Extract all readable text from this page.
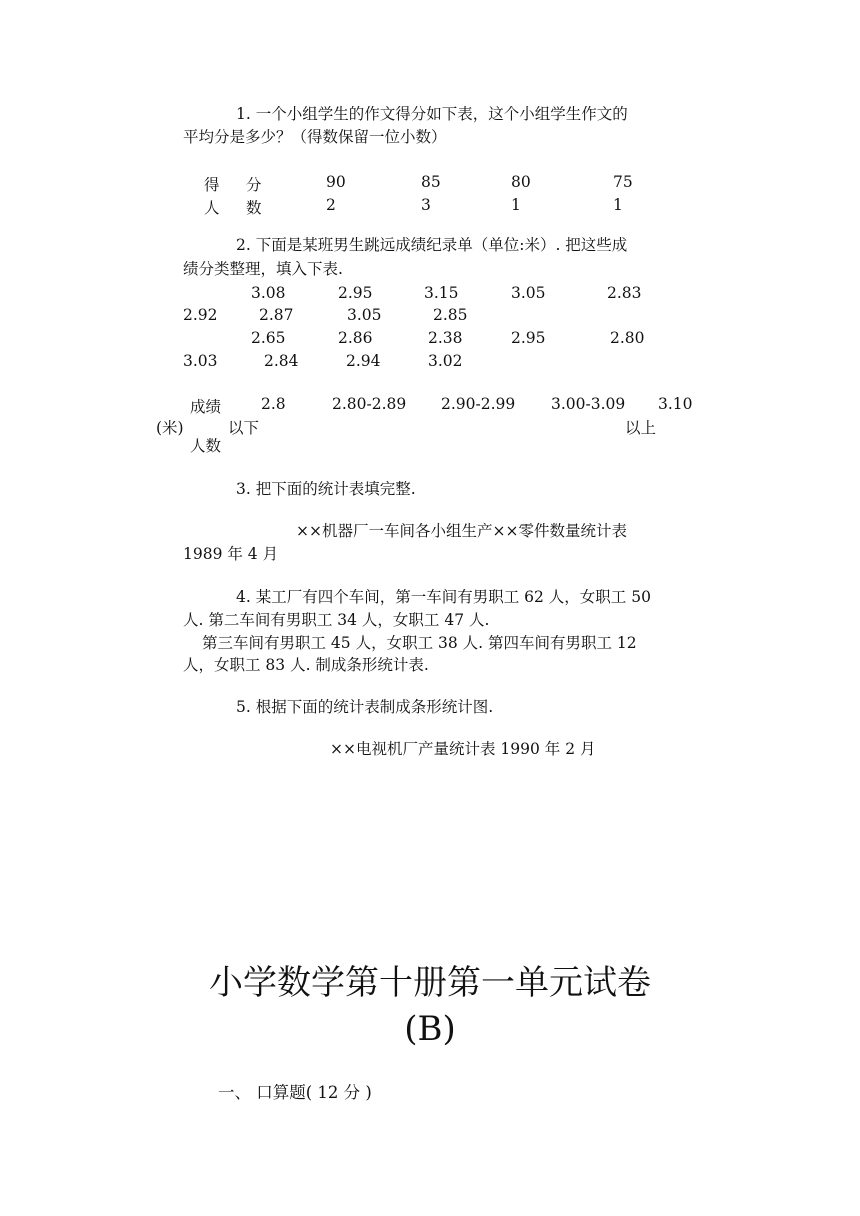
1. 一个小组学生的作文得分如下表，这个小组学生作文的
平均分是多少？（得数保留一位小数）
得 分	90	85	80	75
人 数	2	3	1	1
2. 下面是某班男生跳远成绩纪录单（单位:米）. 把这些成
绩分类整理，填入下表.
3.08	2.95	3.15	3.05	2.83
2.92	2.87	3.05	2.85
2.65	2.86	2.38	2.95	2.80
3.03	2.84	2.94	3.02
成绩	2.8	2.80-2.89 2.90-2.99 3.00-3.09 3.10
(米)	以下	以上
人数
3. 把下面的统计表填完整.
××机器厂一车间各小组生产××零件数量统计表
1989 年 4 月
4. 某工厂有四个车间，第一车间有男职工 62 人，女职工 50
人. 第二车间有男职工 34 人，女职工 47 人.
第三车间有男职工 45 人，女职工 38 人. 第四车间有男职工 12
人，女职工 83 人. 制成条形统计表.
5. 根据下面的统计表制成条形统计图.
××电视机厂产量统计表 1990 年 2 月
小学数学第十册第一单元试卷
(B)
一、 口算题( 12 分 )
